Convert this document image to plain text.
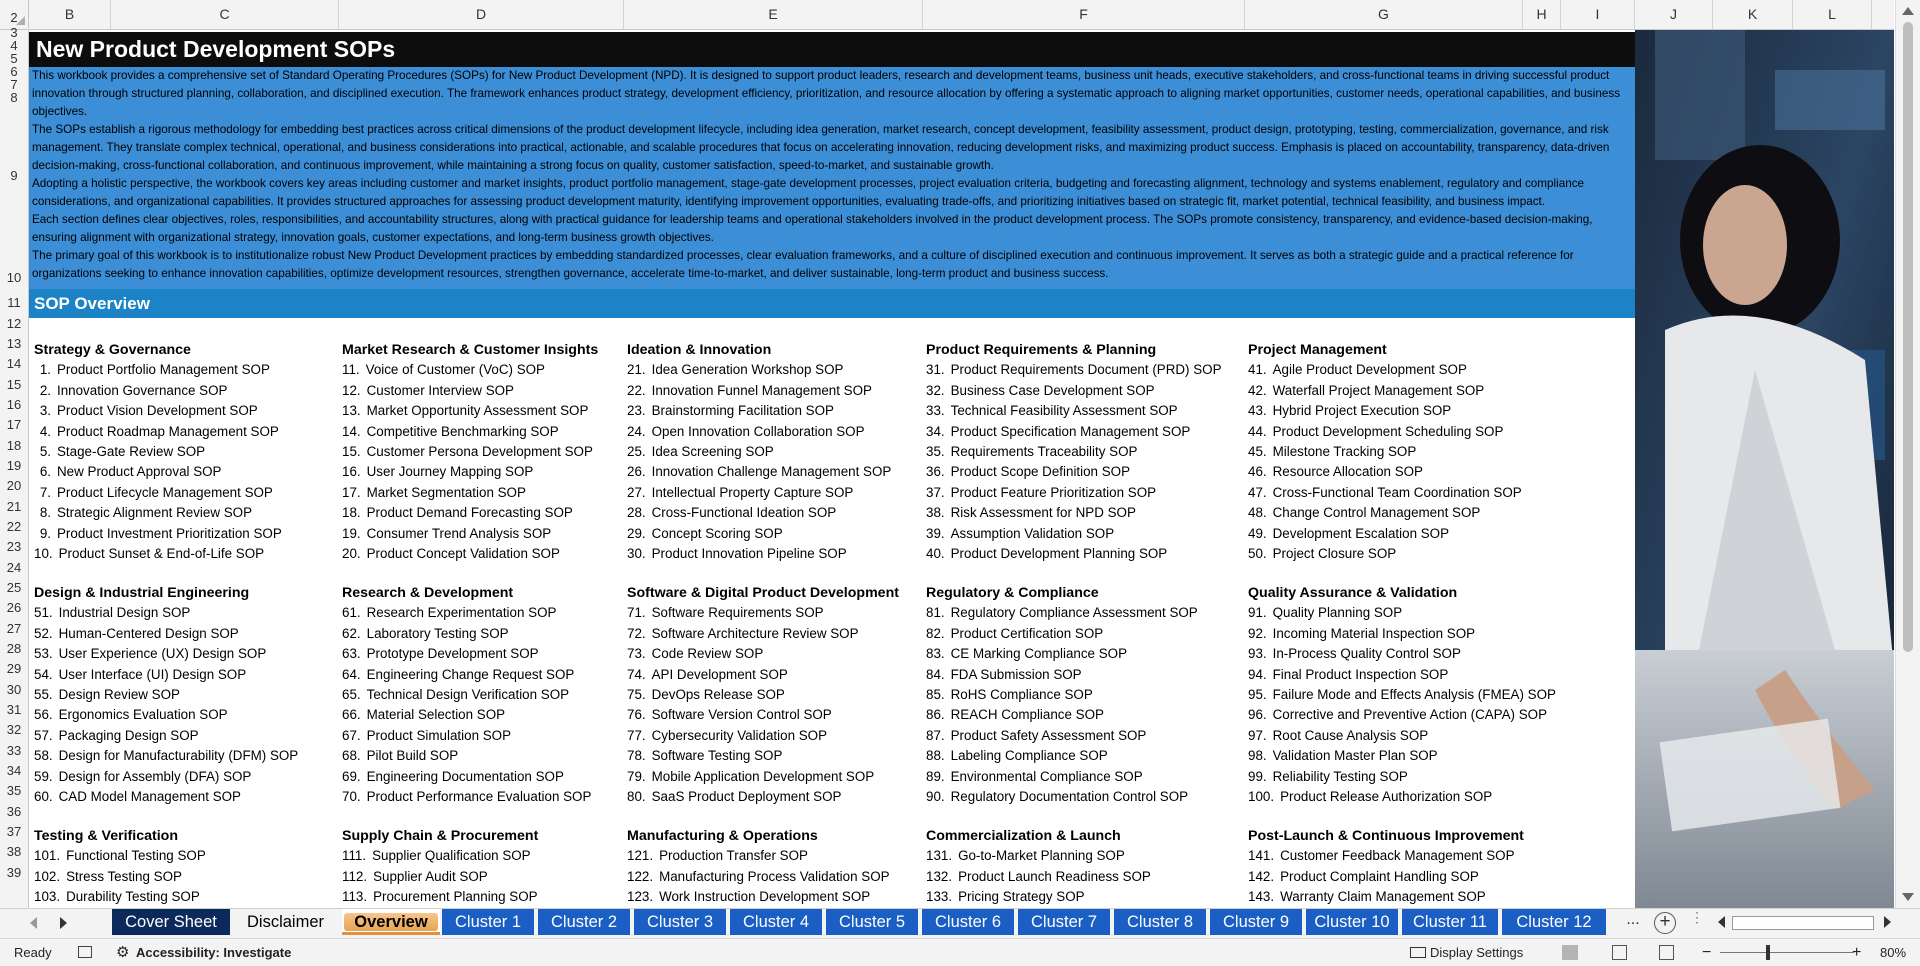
B	C	D	E	F	G	H	I	J	K	L
2
3
4
5
6
7
8
9
10
11
12
13
14
15
16
17
18
19
20
21
22
23
24
25
26
27
28
29
30
31
32
33
34
35
36
37
38
39
New Product Development SOPs

This workbook provides a comprehensive set of Standard Operating Procedures (SOPs) for New Product Development (NPD). It is designed to support product leaders, research and development teams, business unit heads, executive stakeholders, and cross-functional teams in driving successful product innovation through structured planning, collaboration, and disciplined execution. The framework enhances product strategy, development efficiency, prioritization, and resource allocation by offering a systematic approach to aligning market opportunities, customer needs, operational capabilities, and business objectives.

The SOPs establish a rigorous methodology for embedding best practices across critical dimensions of the product development lifecycle, including idea generation, market research, concept development, feasibility assessment, product design, prototyping, testing, commercialization, governance, and risk management. They translate complex technical, operational, and business considerations into practical, actionable, and scalable procedures that focus on accelerating innovation, reducing development risks, and maximizing product success. Emphasis is placed on accountability, transparency, data-driven decision-making, cross-functional collaboration, and continuous improvement, while maintaining a strong focus on quality, customer satisfaction, speed-to-market, and sustainable growth.

Adopting a holistic perspective, the workbook covers key areas including customer and market insights, product portfolio management, stage-gate development processes, project evaluation criteria, budgeting and forecasting alignment, technology and systems enablement, regulatory and compliance considerations, and organizational capabilities. It provides structured approaches for assessing product development maturity, identifying improvement opportunities, evaluating trade-offs, and prioritizing initiatives based on strategic fit, market potential, technical feasibility, and business impact.

Each section defines clear objectives, roles, responsibilities, and accountability structures, along with practical guidance for leadership teams and operational stakeholders involved in the product development process. The SOPs promote consistency, transparency, and evidence-based decision-making, ensuring alignment with organizational strategy, innovation goals, customer expectations, and long-term business growth objectives.

The primary goal of this workbook is to institutionalize robust New Product Development practices by embedding standardized processes, clear evaluation frameworks, and a culture of disciplined execution and continuous improvement. It serves as both a strategic guide and a practical reference for organizations seeking to enhance innovation capabilities, optimize development resources, strengthen governance, accelerate time-to-market, and deliver sustainable, long-term product and business success.

SOP Overview
Strategy & Governance
1. Product Portfolio Management SOP
2. Innovation Governance SOP
3. Product Vision Development SOP
4. Product Roadmap Management SOP
5. Stage-Gate Review SOP
6. New Product Approval SOP
7. Product Lifecycle Management SOP
8. Strategic Alignment Review SOP
9. Product Investment Prioritization SOP
10. Product Sunset & End-of-Life SOP
Market Research & Customer Insights
11. Voice of Customer (VoC) SOP
12. Customer Interview SOP
13. Market Opportunity Assessment SOP
14. Competitive Benchmarking SOP
15. Customer Persona Development SOP
16. User Journey Mapping SOP
17. Market Segmentation SOP
18. Product Demand Forecasting SOP
19. Consumer Trend Analysis SOP
20. Product Concept Validation SOP
Ideation & Innovation
21. Idea Generation Workshop SOP
22. Innovation Funnel Management SOP
23. Brainstorming Facilitation SOP
24. Open Innovation Collaboration SOP
25. Idea Screening SOP
26. Innovation Challenge Management SOP
27. Intellectual Property Capture SOP
28. Cross-Functional Ideation SOP
29. Concept Scoring SOP
30. Product Innovation Pipeline SOP
Product Requirements & Planning
31. Product Requirements Document (PRD) SOP
32. Business Case Development SOP
33. Technical Feasibility Assessment SOP
34. Product Specification Management SOP
35. Requirements Traceability SOP
36. Product Scope Definition SOP
37. Product Feature Prioritization SOP
38. Risk Assessment for NPD SOP
39. Assumption Validation SOP
40. Product Development Planning SOP
Project Management
41. Agile Product Development SOP
42. Waterfall Project Management SOP
43. Hybrid Project Execution SOP
44. Product Development Scheduling SOP
45. Milestone Tracking SOP
46. Resource Allocation SOP
47. Cross-Functional Team Coordination SOP
48. Change Control Management SOP
49. Development Escalation SOP
50. Project Closure SOP
Design & Industrial Engineering
51. Industrial Design SOP
52. Human-Centered Design SOP
53. User Experience (UX) Design SOP
54. User Interface (UI) Design SOP
55. Design Review SOP
56. Ergonomics Evaluation SOP
57. Packaging Design SOP
58. Design for Manufacturability (DFM) SOP
59. Design for Assembly (DFA) SOP
60. CAD Model Management SOP
Research & Development
61. Research Experimentation SOP
62. Laboratory Testing SOP
63. Prototype Development SOP
64. Engineering Change Request SOP
65. Technical Design Verification SOP
66. Material Selection SOP
67. Product Simulation SOP
68. Pilot Build SOP
69. Engineering Documentation SOP
70. Product Performance Evaluation SOP
Software & Digital Product Development
71. Software Requirements SOP
72. Software Architecture Review SOP
73. Code Review SOP
74. API Development SOP
75. DevOps Release SOP
76. Software Version Control SOP
77. Cybersecurity Validation SOP
78. Software Testing SOP
79. Mobile Application Development SOP
80. SaaS Product Deployment SOP
Regulatory & Compliance
81. Regulatory Compliance Assessment SOP
82. Product Certification SOP
83. CE Marking Compliance SOP
84. FDA Submission SOP
85. RoHS Compliance SOP
86. REACH Compliance SOP
87. Product Safety Assessment SOP
88. Labeling Compliance SOP
89. Environmental Compliance SOP
90. Regulatory Documentation Control SOP
Quality Assurance & Validation
91. Quality Planning SOP
92. Incoming Material Inspection SOP
93. In-Process Quality Control SOP
94. Final Product Inspection SOP
95. Failure Mode and Effects Analysis (FMEA) SOP
96. Corrective and Preventive Action (CAPA) SOP
97. Root Cause Analysis SOP
98. Validation Master Plan SOP
99. Reliability Testing SOP
100. Product Release Authorization SOP
Testing & Verification
101. Functional Testing SOP
102. Stress Testing SOP
103. Durability Testing SOP
Supply Chain & Procurement
111. Supplier Qualification SOP
112. Supplier Audit SOP
113. Procurement Planning SOP
Manufacturing & Operations
121. Production Transfer SOP
122. Manufacturing Process Validation SOP
123. Work Instruction Development SOP
Commercialization & Launch
131. Go-to-Market Planning SOP
132. Product Launch Readiness SOP
133. Pricing Strategy SOP
Post-Launch & Continuous Improvement
141. Customer Feedback Management SOP
142. Product Complaint Handling SOP
143. Warranty Claim Management SOP
Cover Sheet	Disclaimer	Overview	Cluster 1	Cluster 2	Cluster 3	Cluster 4	Cluster 5	Cluster 6	Cluster 7	Cluster 8	Cluster 9	Cluster 10	Cluster 11	Cluster 12	... +	⋮
Ready	⚙ Accessibility: Investigate	Display Settings	−	+ 80%
